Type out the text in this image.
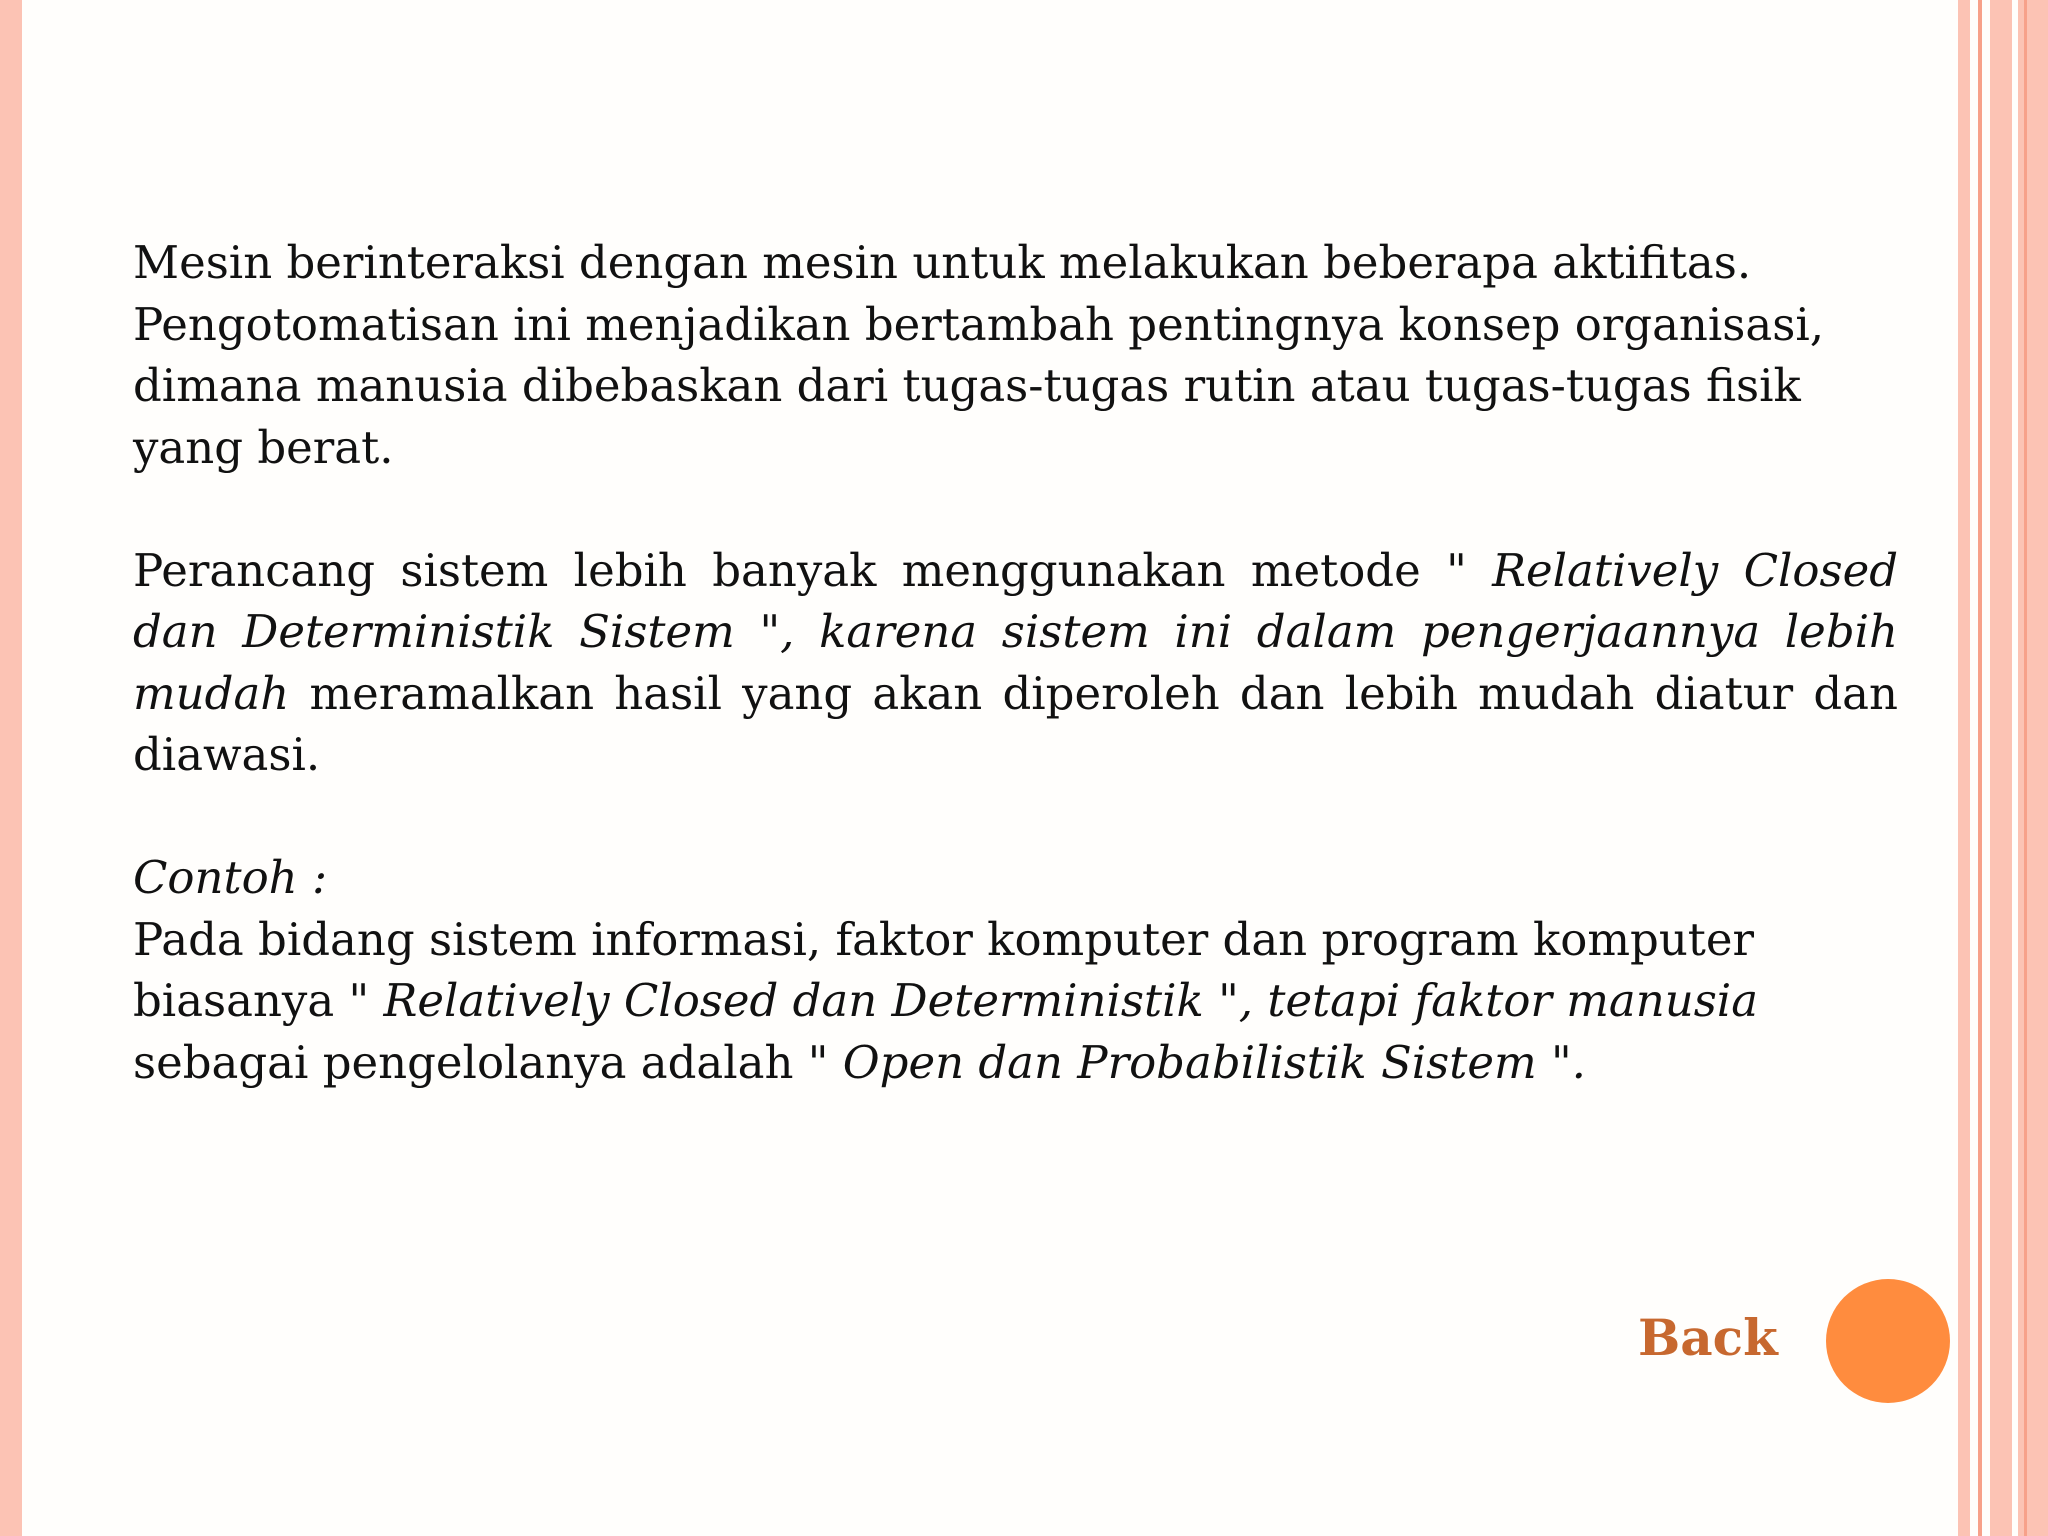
Mesin berinteraksi dengan mesin untuk melakukan beberapa aktifitas.
Pengotomatisan ini menjadikan bertambah pentingnya konsep organisasi,
dimana manusia dibebaskan dari tugas-tugas rutin atau tugas-tugas fisik
yang berat.

Perancang sistem lebih banyak menggunakan metode " Relatively Closed dan Deterministik Sistem ", karena sistem ini dalam pengerjaannya lebih mudah meramalkan hasil yang akan diperoleh dan lebih mudah diatur dan diawasi.

Contoh :
Pada bidang sistem informasi, faktor komputer dan program komputer
biasanya " Relatively Closed dan Deterministik ", tetapi faktor manusia
sebagai pengelolanya adalah " Open dan Probabilistik Sistem ".

Back
